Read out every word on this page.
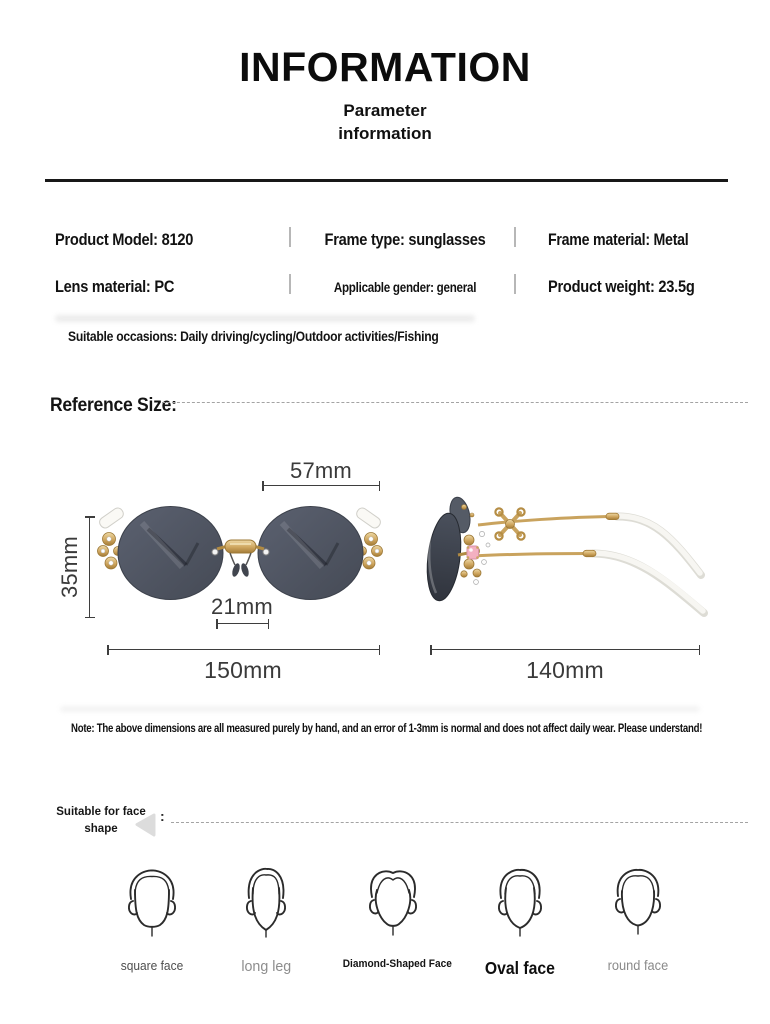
INFORMATION
Parameter
information
Product Model: 8120	Frame type: sunglasses	Frame material: Metal
Lens material: PC	Applicable gender: general	Product weight: 23.5g
Suitable occasions: Daily driving/cycling/Outdoor activities/Fishing
Reference Size:
57mm
35mm
21mm
150mm	140mm
Note: The above dimensions are all measured purely by hand, and an error of 1-3mm is normal and does not affect daily wear. Please understand!
Suitable for face
shape
:
square face	long leg	Diamond-Shaped Face	Oval face	round face
